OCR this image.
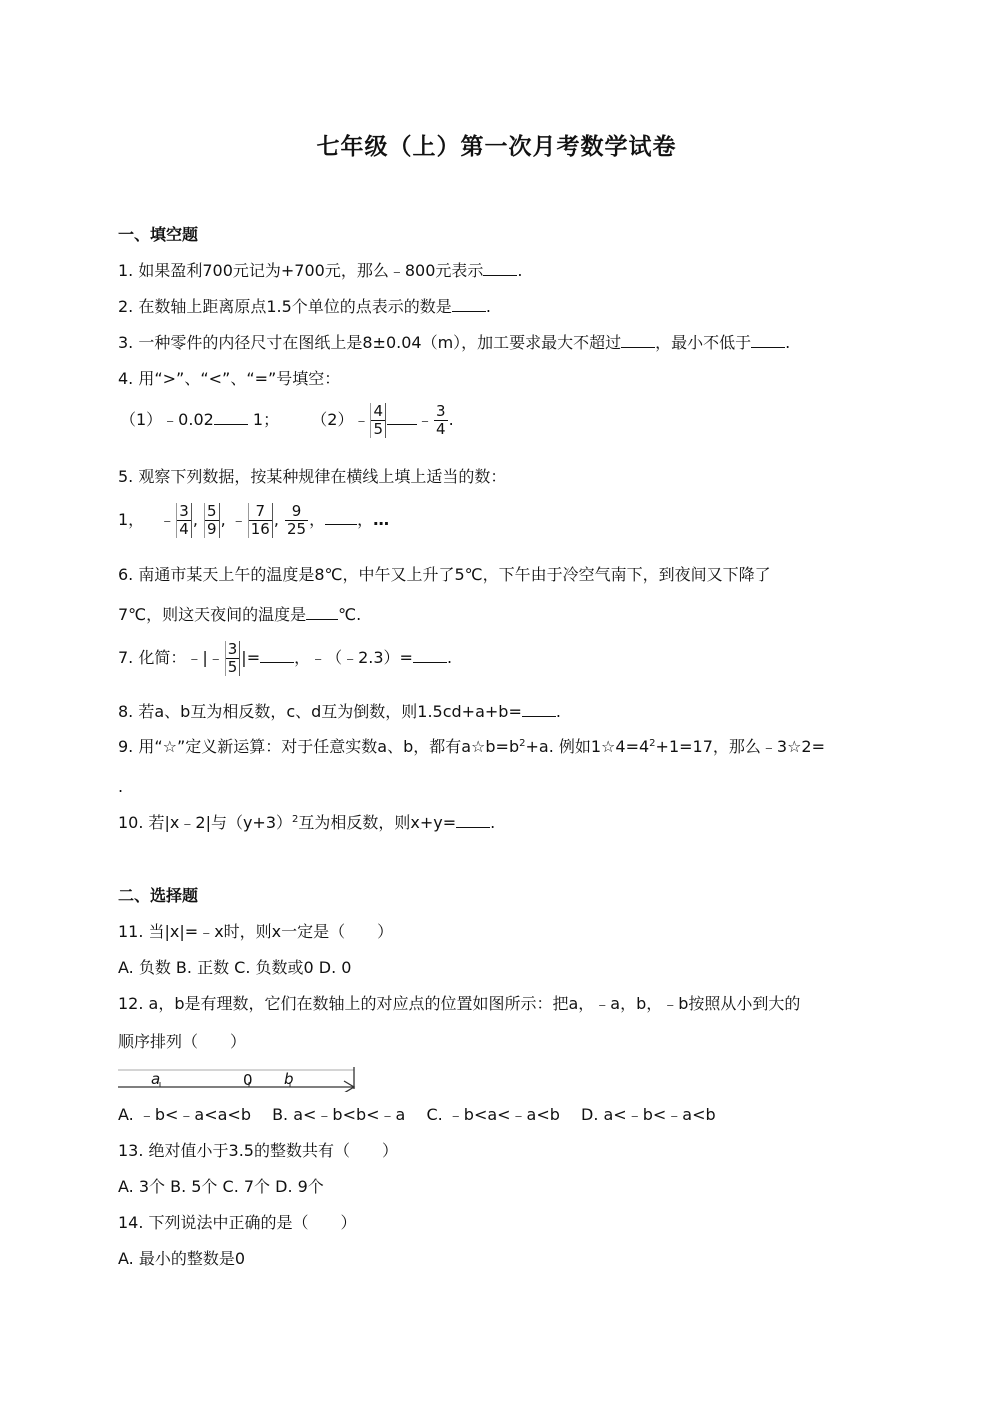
七年级（上）第一次月考数学试卷
一、填空题
1. 如果盈利700元记为+700元，那么﹣800元表示 .
2. 在数轴上距离原点1.5个单位的点表示的数是 .
3. 一种零件的内径尺寸在图纸上是8±0.04（m），加工要求最大不超过 ，最小不低于 .
4. 用“>”、“<”、“=”号填空：
（1）﹣0.02 1； （2）﹣ $\frac{4}{5}$ ﹣ $\frac{3}{4}$ .
5. 观察下列数据，按某种规律在横线上填上适当的数：
1， ﹣ $\frac{3}{4}$ , $\frac{5}{9}$ , ﹣ $\frac{7}{16}$ , $\frac{9}{25}$ ， ，…
6. 南通市某天上午的温度是8℃，中午又上升了5℃，下午由于冷空气南下，到夜间又下降了
7℃，则这天夜间的温度是 ℃.
7. 化简：﹣|﹣ $\frac{3}{5}$ |= ，﹣（﹣2.3）= .
8. 若a、b互为相反数，c、d互为倒数，则1.5cd+a+b= .
9. 用“☆”定义新运算：对于任意实数a、b，都有$a☆b=b^2+a$. 例如$1☆4=4^2+1=17$，那么﹣3☆2=
.
10. 若|x﹣2|与$(y+3)^2$互为相反数，则x+y= .
二、选择题
11. 当|x|=﹣x时，则x一定是（　　）
A. 负数 B. 正数 C. 负数或0 D. 0
12. a，b是有理数，它们在数轴上的对应点的位置如图所示：把a，﹣a，b，﹣b按照从小到大的
顺序排列（　　）
a	0 b
A. ﹣b<﹣a<a<b　 B. a<﹣b<b<﹣a　 C. ﹣b<a<﹣a<b　 D. a<﹣b<﹣a<b
13. 绝对值小于3.5的整数共有（　　）
A. 3个 B. 5个 C. 7个 D. 9个
14. 下列说法中正确的是（　　）
A. 最小的整数是0
